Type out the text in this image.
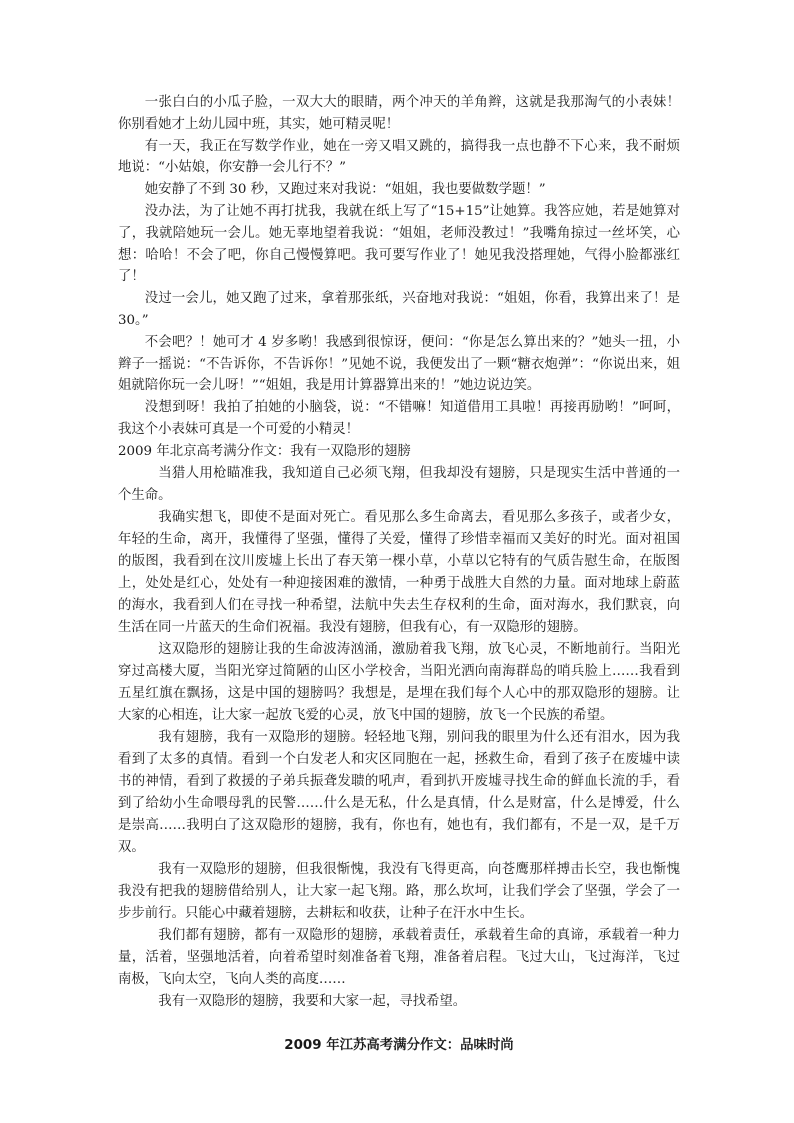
一张白白的小瓜子脸，一双大大的眼睛，两个冲天的羊角辫，这就是我那淘气的小表妹！你别看她才上幼儿园中班，其实，她可精灵呢！

有一天，我正在写数学作业，她在一旁又唱又跳的，搞得我一点也静不下心来，我不耐烦地说：“小姑娘，你安静一会儿行不？”

她安静了不到 30 秒，又跑过来对我说：“姐姐，我也要做数学题！”

没办法，为了让她不再打扰我，我就在纸上写了“15+15”让她算。我答应她，若是她算对了，我就陪她玩一会儿。她无辜地望着我说：“姐姐，老师没教过！”我嘴角掠过一丝坏笑，心想：哈哈！不会了吧，你自己慢慢算吧。我可要写作业了！她见我没搭理她，气得小脸都涨红了！

没过一会儿，她又跑了过来，拿着那张纸，兴奋地对我说：“姐姐，你看，我算出来了！是 30。”

不会吧？！她可才 4 岁多哟！我感到很惊讶，便问：“你是怎么算出来的？”她头一扭，小辫子一摇说：“不告诉你，不告诉你！”见她不说，我便发出了一颗“糖衣炮弹”：“你说出来，姐姐就陪你玩一会儿呀！”“姐姐，我是用计算器算出来的！”她边说边笑。

没想到呀！我拍了拍她的小脑袋，说：“不错嘛！知道借用工具啦！再接再励哟！”呵呵，我这个小表妹可真是一个可爱的小精灵！

2009 年北京高考满分作文：我有一双隐形的翅膀

当猎人用枪瞄准我，我知道自己必须飞翔，但我却没有翅膀，只是现实生活中普通的一个生命。

我确实想飞，即使不是面对死亡。看见那么多生命离去，看见那么多孩子，或者少女，年轻的生命，离开，我懂得了坚强，懂得了关爱，懂得了珍惜幸福而又美好的时光。面对祖国的版图，我看到在汶川废墟上长出了春天第一棵小草，小草以它特有的气质告慰生命，在版图上，处处是红心，处处有一种迎接困难的激情，一种勇于战胜大自然的力量。面对地球上蔚蓝的海水，我看到人们在寻找一种希望，法航中失去生存权利的生命，面对海水，我们默哀，向生活在同一片蓝天的生命们祝福。我没有翅膀，但我有心，有一双隐形的翅膀。

这双隐形的翅膀让我的生命波涛汹涌，激励着我飞翔，放飞心灵，不断地前行。当阳光穿过高楼大厦，当阳光穿过简陋的山区小学校舍，当阳光洒向南海群岛的哨兵脸上……我看到五星红旗在飘扬，这是中国的翅膀吗？我想是，是埋在我们每个人心中的那双隐形的翅膀。让大家的心相连，让大家一起放飞爱的心灵，放飞中国的翅膀，放飞一个民族的希望。

我有翅膀，我有一双隐形的翅膀。轻轻地飞翔，别问我的眼里为什么还有泪水，因为我看到了太多的真情。看到一个白发老人和灾区同胞在一起，拯救生命，看到了孩子在废墟中读书的神情，看到了救援的子弟兵振聋发聩的吼声，看到扒开废墟寻找生命的鲜血长流的手，看到了给幼小生命喂母乳的民警……什么是无私，什么是真情，什么是财富，什么是博爱，什么是崇高……我明白了这双隐形的翅膀，我有，你也有，她也有，我们都有，不是一双，是千万双。

我有一双隐形的翅膀，但我很惭愧，我没有飞得更高，向苍鹰那样搏击长空，我也惭愧我没有把我的翅膀借给别人，让大家一起飞翔。路，那么坎坷，让我们学会了坚强，学会了一步步前行。只能心中藏着翅膀，去耕耘和收获，让种子在汗水中生长。

我们都有翅膀，都有一双隐形的翅膀，承载着责任，承载着生命的真谛，承载着一种力量，活着，坚强地活着，向着希望时刻准备着飞翔，准备着启程。飞过大山，飞过海洋，飞过南极，飞向太空，飞向人类的高度……

我有一双隐形的翅膀，我要和大家一起，寻找希望。

2009 年江苏高考满分作文：品味时尚
